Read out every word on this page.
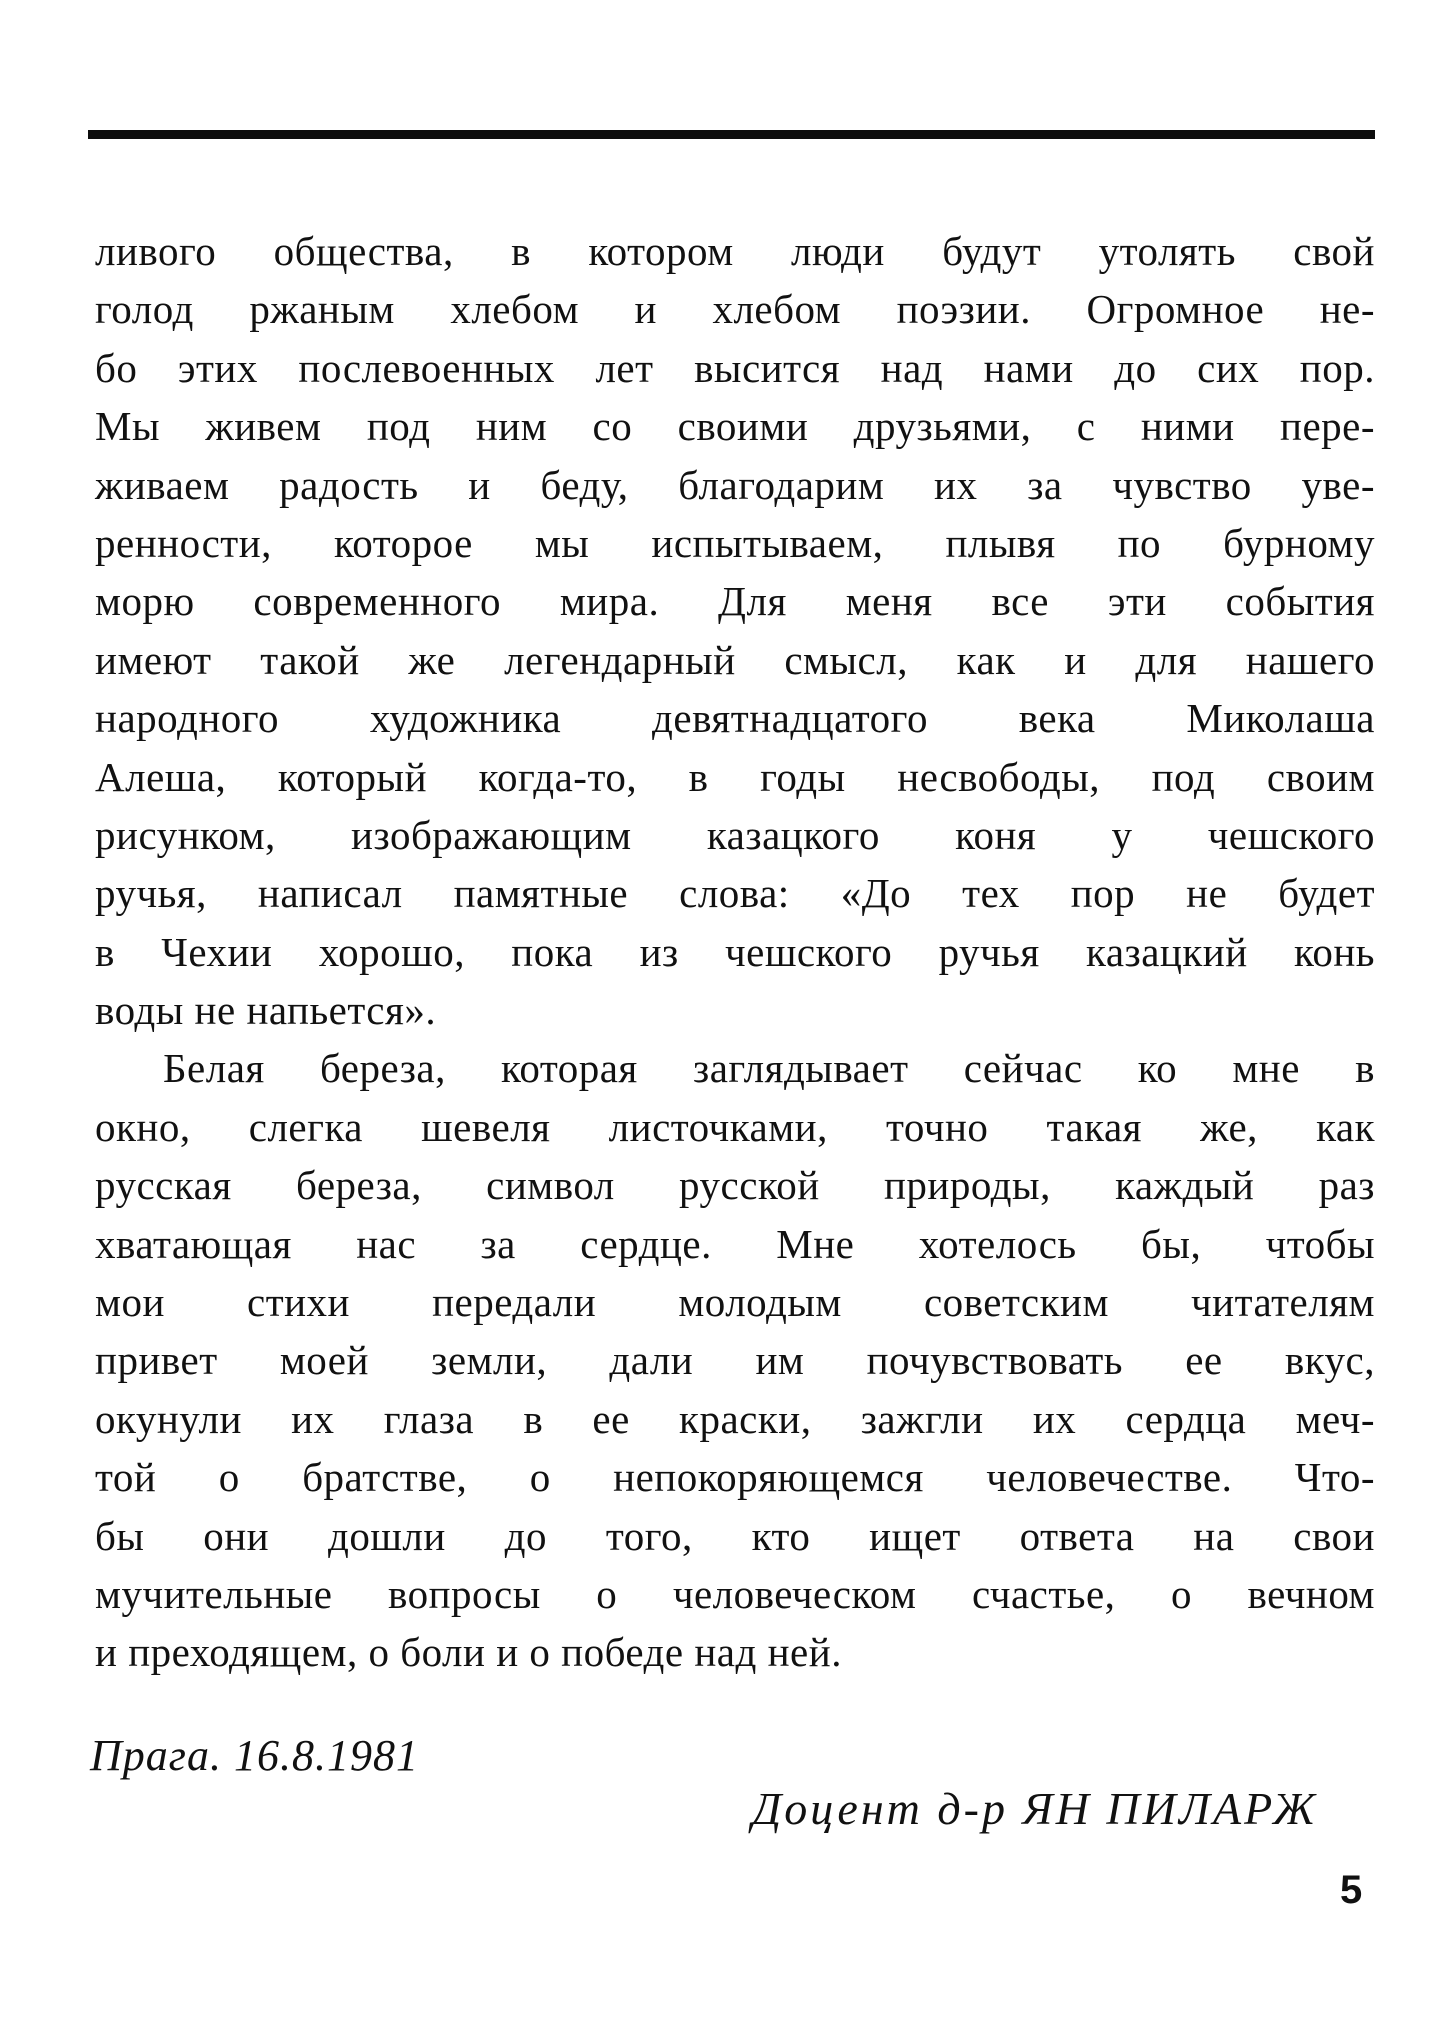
ливого общества, в котором люди будут утолять свой
голод ржаным хлебом и хлебом поэзии. Огромное не-
бо этих послевоенных лет высится над нами до сих пор.
Мы живем под ним со своими друзьями, с ними пере-
живаем радость и беду, благодарим их за чувство уве-
ренности, которое мы испытываем, плывя по бурному
морю современного мира. Для меня все эти события
имеют такой же легендарный смысл, как и для нашего
народного художника девятнадцатого века Миколаша
Алеша, который когда-то, в годы несвободы, под своим
рисунком, изображающим казацкого коня у чешского
ручья, написал памятные слова: «До тех пор не будет
в Чехии хорошо, пока из чешского ручья казацкий конь
воды не напьется».
Белая береза, которая заглядывает сейчас ко мне в
окно, слегка шевеля листочками, точно такая же, как
русская береза, символ русской природы, каждый раз
хватающая нас за сердце. Мне хотелось бы, чтобы
мои стихи передали молодым советским читателям
привет моей земли, дали им почувствовать ее вкус,
окунули их глаза в ее краски, зажгли их сердца меч-
той о братстве, о непокоряющемся человечестве. Что-
бы они дошли до того, кто ищет ответа на свои
мучительные вопросы о человеческом счастье, о вечном
и преходящем, о боли и о победе над ней.
Прага. 16.8.1981
Доцент д-р ЯН ПИЛАРЖ
5
